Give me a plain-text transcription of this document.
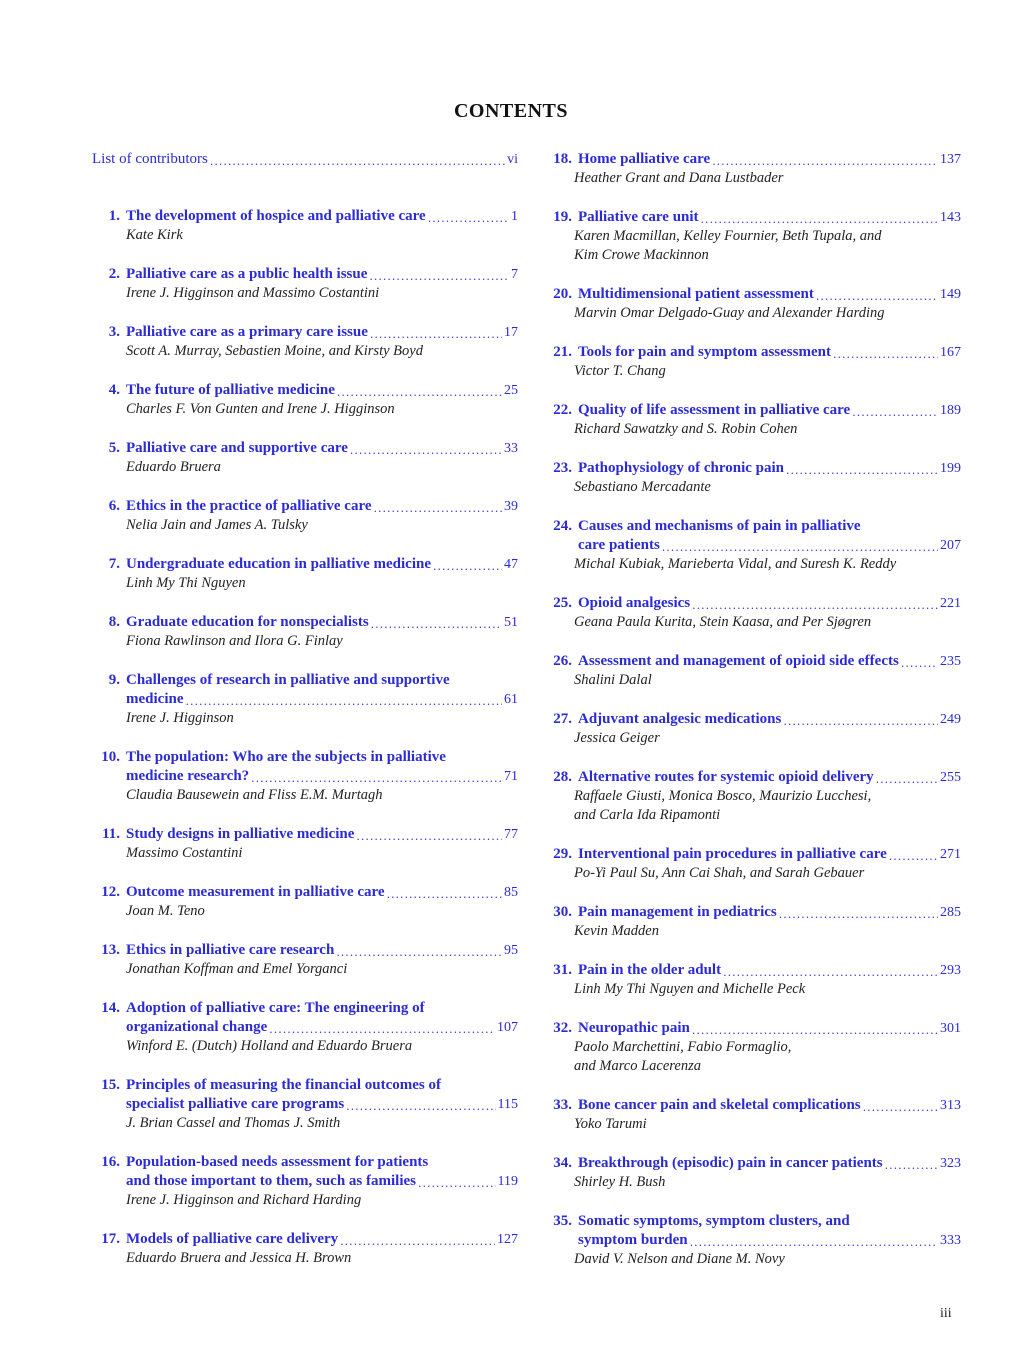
CONTENTS
List of contributors .....	vi
1. The development of hospice and palliative care .....	1
Kate Kirk
2. Palliative care as a public health issue .....	7
Irene J. Higginson and Massimo Costantini
3. Palliative care as a primary care issue .....	17
Scott A. Murray, Sebastien Moine, and Kirsty Boyd
4. The future of palliative medicine .....	25
Charles F. Von Gunten and Irene J. Higginson
5. Palliative care and supportive care .....	33
Eduardo Bruera
6. Ethics in the practice of palliative care .....	39
Nelia Jain and James A. Tulsky
7. Undergraduate education in palliative medicine .....	47
Linh My Thi Nguyen
8. Graduate education for nonspecialists .....	51
Fiona Rawlinson and Ilora G. Finlay
9. Challenges of research in palliative and supportive
medicine .....	61
Irene J. Higginson
10. The population: Who are the subjects in palliative
medicine research? .....	71
Claudia Bausewein and Fliss E.M. Murtagh
11. Study designs in palliative medicine .....	77
Massimo Costantini
12. Outcome measurement in palliative care .....	85
Joan M. Teno
13. Ethics in palliative care research .....	95
Jonathan Koffman and Emel Yorganci
14. Adoption of palliative care: The engineering of
organizational change .....	107
Winford E. (Dutch) Holland and Eduardo Bruera
15. Principles of measuring the financial outcomes of
specialist palliative care programs .....	115
J. Brian Cassel and Thomas J. Smith
16. Population-based needs assessment for patients
and those important to them, such as families .....	119
Irene J. Higginson and Richard Harding
17. Models of palliative care delivery .....	127
Eduardo Bruera and Jessica H. Brown
18. Home palliative care .....	137
Heather Grant and Dana Lustbader
19. Palliative care unit .....	143
Karen Macmillan, Kelley Fournier, Beth Tupala, and
Kim Crowe Mackinnon
20. Multidimensional patient assessment .....	149
Marvin Omar Delgado-Guay and Alexander Harding
21. Tools for pain and symptom assessment .....	167
Victor T. Chang
22. Quality of life assessment in palliative care .....	189
Richard Sawatzky and S. Robin Cohen
23. Pathophysiology of chronic pain .....	199
Sebastiano Mercadante
24. Causes and mechanisms of pain in palliative
care patients .....	207
Michal Kubiak, Marieberta Vidal, and Suresh K. Reddy
25. Opioid analgesics .....	221
Geana Paula Kurita, Stein Kaasa, and Per Sjøgren
26. Assessment and management of opioid side effects .....	235
Shalini Dalal
27. Adjuvant analgesic medications .....	249
Jessica Geiger
28. Alternative routes for systemic opioid delivery .....	255
Raffaele Giusti, Monica Bosco, Maurizio Lucchesi,
and Carla Ida Ripamonti
29. Interventional pain procedures in palliative care .....	271
Po-Yi Paul Su, Ann Cai Shah, and Sarah Gebauer
30. Pain management in pediatrics .....	285
Kevin Madden
31. Pain in the older adult .....	293
Linh My Thi Nguyen and Michelle Peck
32. Neuropathic pain .....	301
Paolo Marchettini, Fabio Formaglio,
and Marco Lacerenza
33. Bone cancer pain and skeletal complications .....	313
Yoko Tarumi
34. Breakthrough (episodic) pain in cancer patients .....	323
Shirley H. Bush
35. Somatic symptoms, symptom clusters, and
symptom burden .....	333
David V. Nelson and Diane M. Novy
iii
